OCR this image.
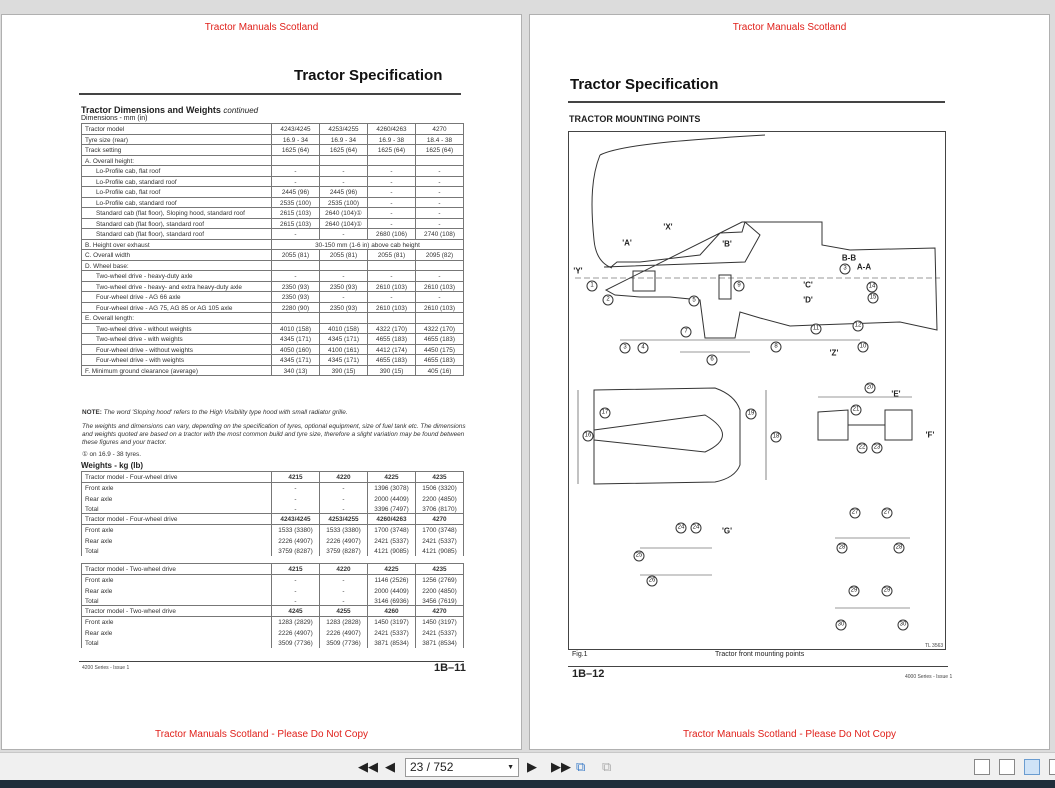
Tractor Manuals Scotland
Tractor Specification
Tractor Dimensions and Weights continued
Dimensions - mm (in)
Tractor model	4243/4245	4253/4255	4260/4263	4270
Tyre size (rear)	16.9 - 34	16.9 - 34	16.9 - 38	18.4 - 38
Track setting	1625 (64)	1625 (64)	1625 (64)	1625 (64)
A. Overall height:				
Lo-Profile cab, flat roof	-	-	-	-
Lo-Profile cab, standard roof	-	-	-	-
Lo-Profile cab, flat roof	2445 (96)	2445 (96)	-	-
Lo-Profile cab, standard roof	2535 (100)	2535 (100)	-	-
Standard cab (flat floor), Sloping hood, standard roof	2615 (103)	2640 (104)①	-	-
Standard cab (flat floor), standard roof	2615 (103)	2640 (104)①	-	-
Standard cab (flat floor), standard roof	-	-	2680 (106)	2740 (108)
B. Height over exhaust	30-150 mm (1-6 in) above cab height			
C. Overall width	2055 (81)	2055 (81)	2055 (81)	2095 (82)
D. Wheel base:				
Two-wheel drive - heavy-duty axle	-	-	-	-
Two-wheel drive - heavy- and extra heavy-duty axle	2350 (93)	2350 (93)	2610 (103)	2610 (103)
Four-wheel drive - AG 66 axle	2350 (93)	-	-	-
Four-wheel drive - AG 75, AG 85 or AG 105 axle	2280 (90)	2350 (93)	2610 (103)	2610 (103)
E. Overall length:				
Two-wheel drive - without weights	4010 (158)	4010 (158)	4322 (170)	4322 (170)
Two-wheel drive - with weights	4345 (171)	4345 (171)	4655 (183)	4655 (183)
Four-wheel drive - without weights	4050 (160)	4100 (161)	4412 (174)	4450 (175)
Four-wheel drive - with weights	4345 (171)	4345 (171)	4655 (183)	4655 (183)
F. Minimum ground clearance (average)	340 (13)	390 (15)	390 (15)	405 (16)
NOTE: The word 'Sloping hood' refers to the High Visibility type hood with small radiator grille.
The weights and dimensions can vary, depending on the specification of tyres, optional equipment, size of fuel tank etc. The dimensions and weights quoted are based on a tractor with the most common build and tyre size, therefore a slight variation may be found between these figures and your tractor.
① on 16.9 - 38 tyres.
Weights - kg (lb)
Tractor model - Four-wheel drive	4215	4220	4225	4235
Front axle	-	-	1396 (3078)	1506 (3320)
Rear axle	-	-	2000 (4409)	2200 (4850)
Total	-	-	3396 (7497)	3706 (8170)
Tractor model - Four-wheel drive	4243/4245	4253/4255	4260/4263	4270
Front axle	1533 (3380)	1533 (3380)	1700 (3748)	1700 (3748)
Rear axle	2226 (4907)	2226 (4907)	2421 (5337)	2421 (5337)
Total	3759 (8287)	3759 (8287)	4121 (9085)	4121 (9085)
Tractor model - Two-wheel drive	4215	4220	4225	4235
Front axle	-	-	1146 (2526)	1256 (2769)
Rear axle	-	-	2000 (4409)	2200 (4850)
Total	-	-	3146 (6936)	3456 (7619)
Tractor model - Two-wheel drive	4245	4255	4260	4270
Front axle	1283 (2829)	1283 (2828)	1450 (3197)	1450 (3197)
Rear axle	2226 (4907)	2226 (4907)	2421 (5337)	2421 (5337)
Total	3509 (7736)	3509 (7736)	3871 (8534)	3871 (8534)
4200 Series - Issue 1	1B–11
Tractor Manuals Scotland - Please Do Not Copy
Tractor Manuals Scotland
Tractor Specification
TRACTOR MOUNTING POINTS
TL 3563
Fig.1	Tractor front mounting points
1B–12	4000 Series - Issue 1
Tractor Manuals Scotland - Please Do Not Copy
1
2
3	4
5
6
7
8
9
10
11	12
3
14
15
16
17
18
19
20
21
22	23
24	24
25
26
27	27
28	28
29	29
30	30
'X'
'A'	'B'
'Y'
'C'
'D'
'Z'
B-B
A-A
'E'
'F'
'G'
◀◀ ◀	23 / 752	▼ ▶ ▶▶ ⧉ ⧉
